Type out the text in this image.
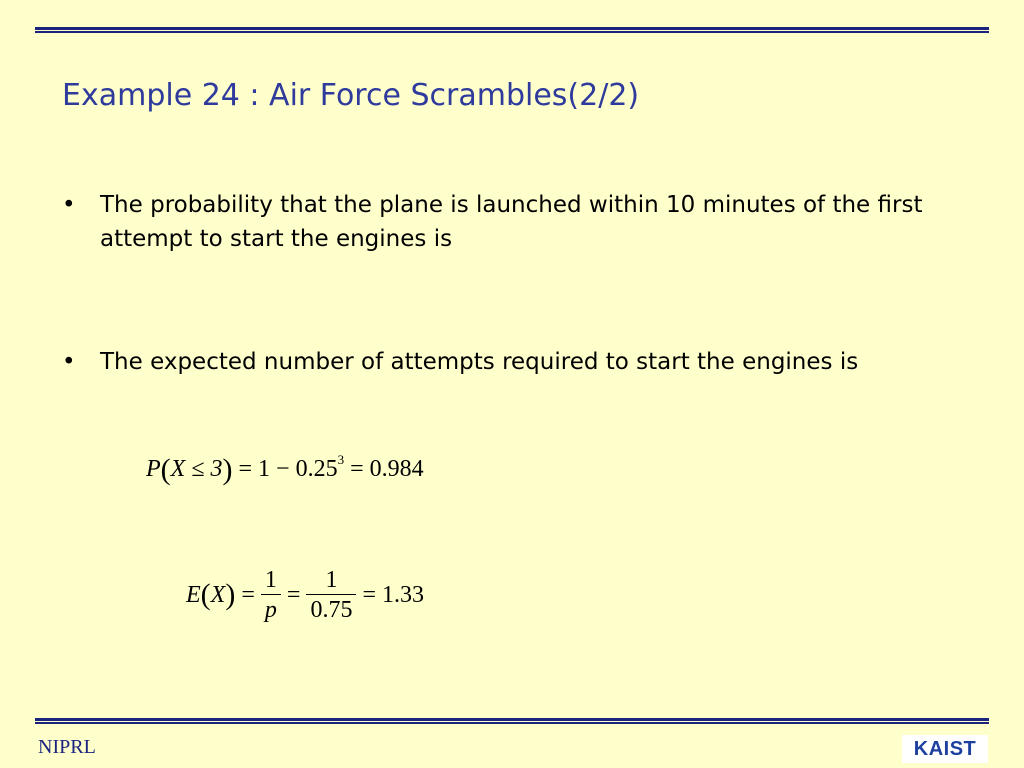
Example 24 : Air Force Scrambles(2/2)
• The probability that the plane is launched within 10 minutes of the first attempt to start the engines is
• The expected number of attempts required to start the engines is
$P(X \le 3) = 1 - 0.25^3 = 0.984$
E ( X ) = $\frac{1}{p} = \frac{1}{0.75} = 1.33$
NIPRL	KAIST
